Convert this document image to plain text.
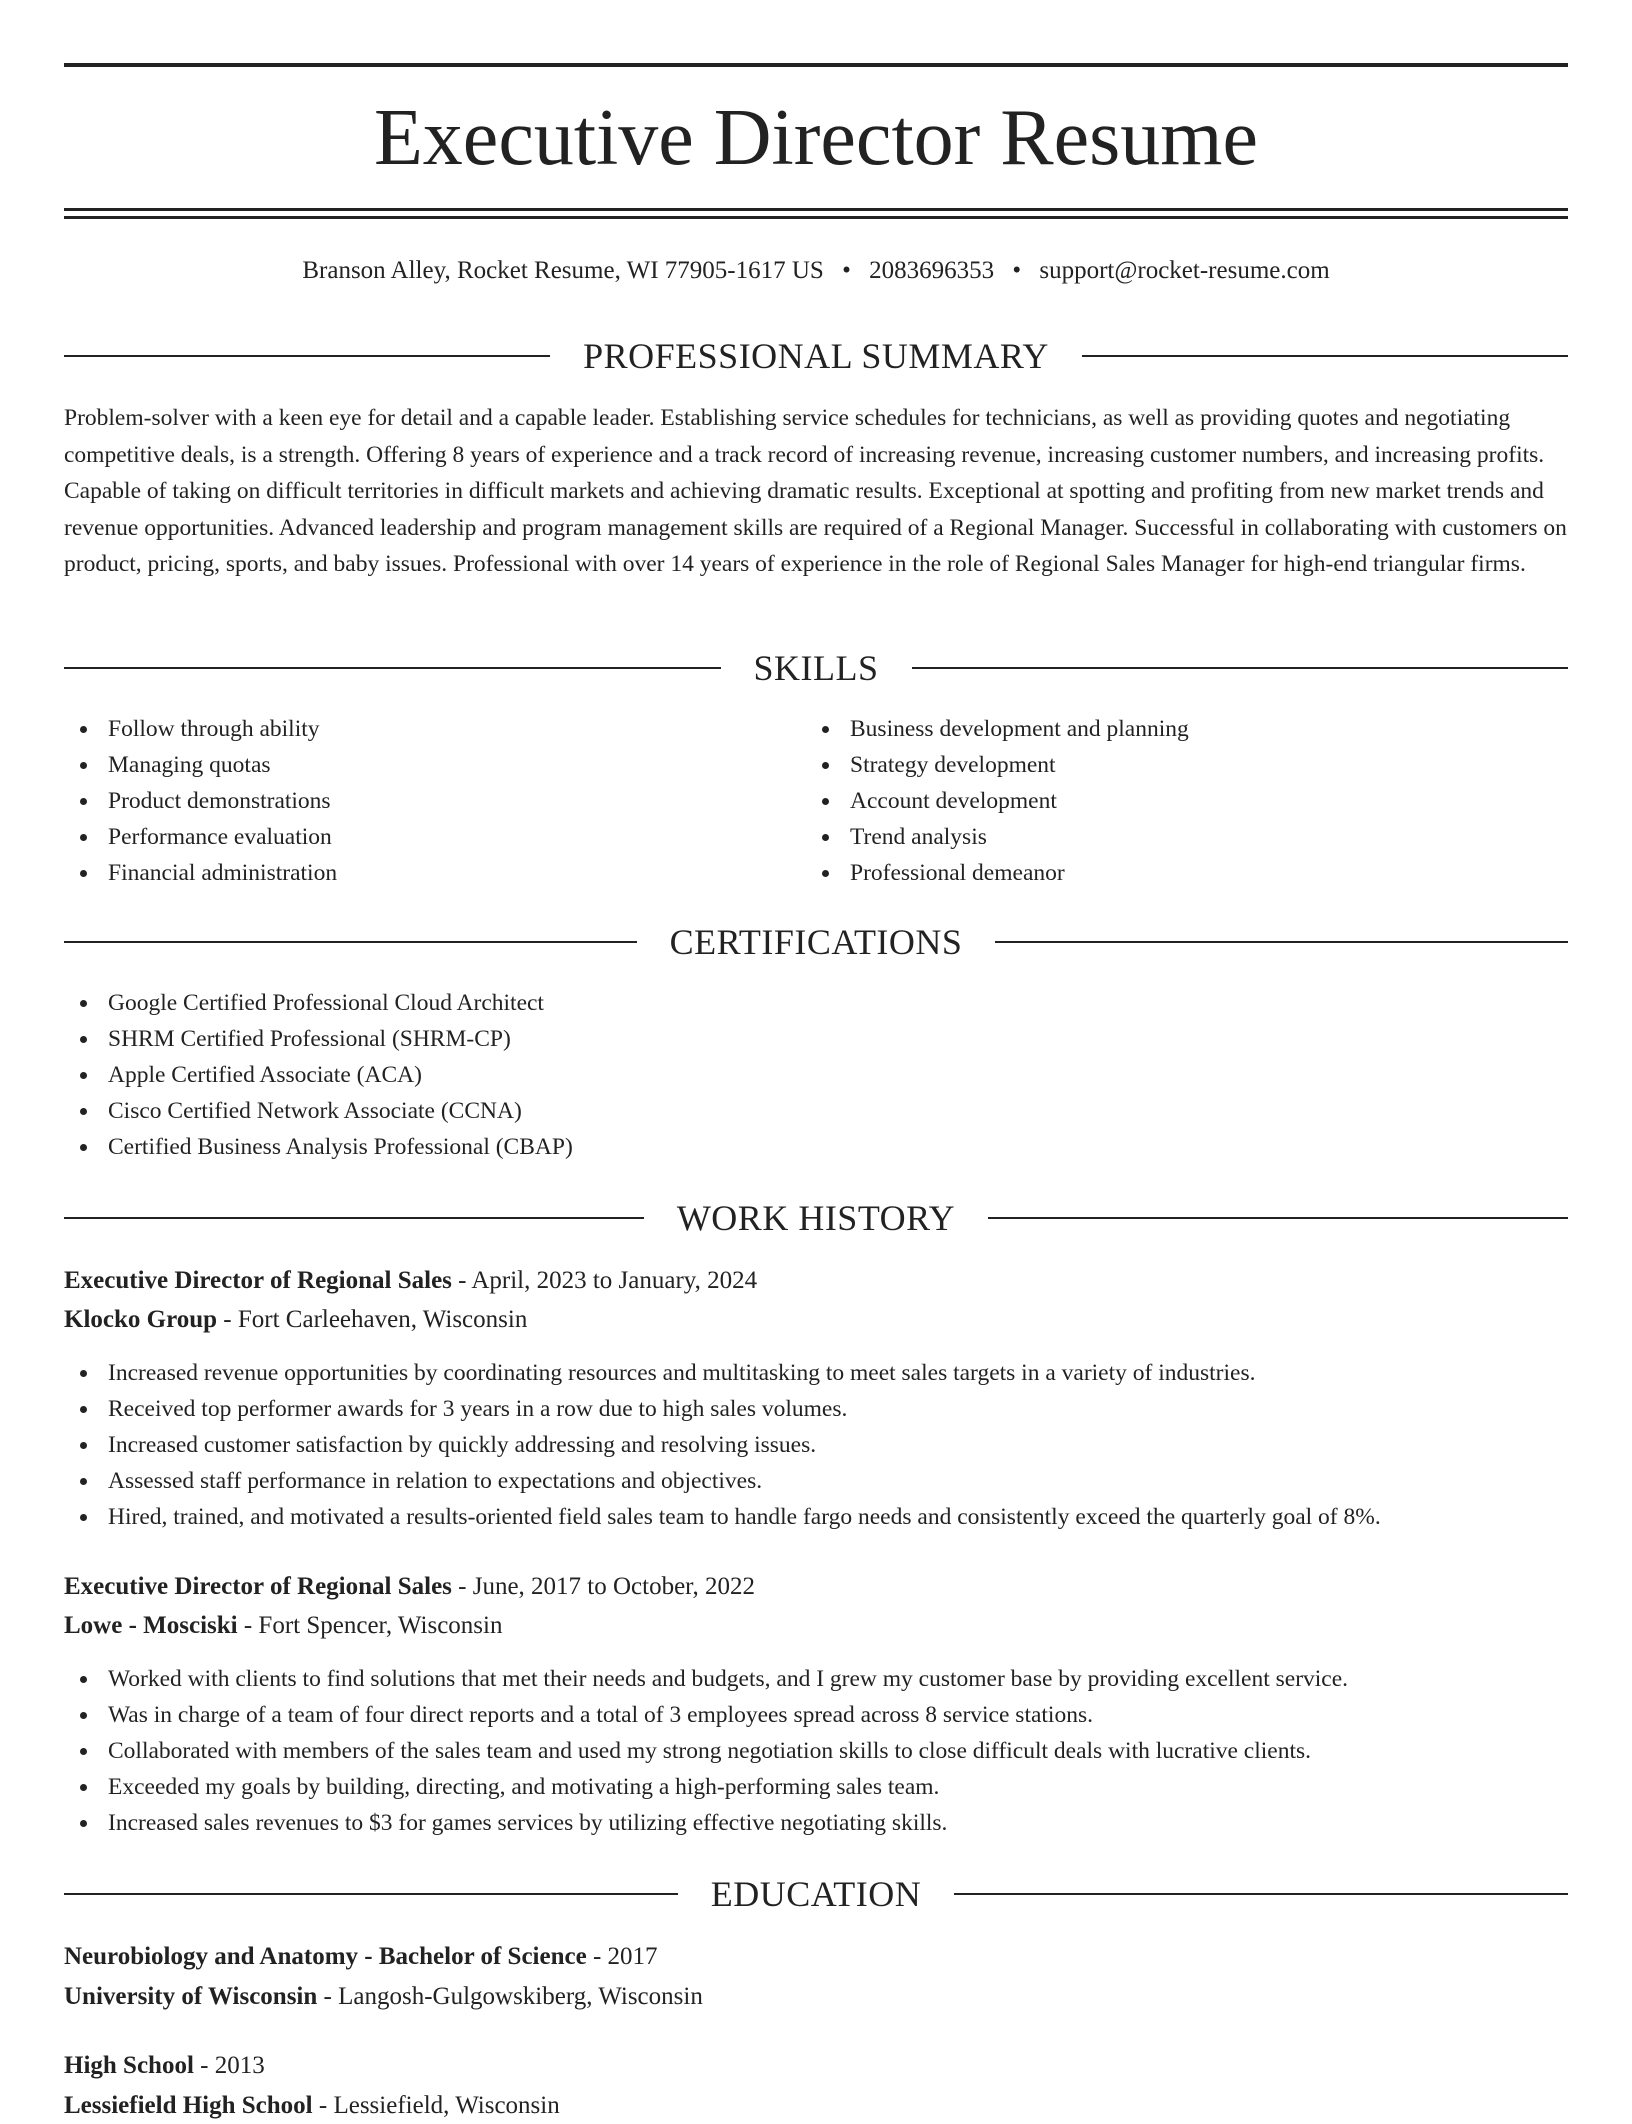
Executive Director Resume
Branson Alley, Rocket Resume, WI 77905-1617 US • 2083696353 • support@rocket-resume.com
PROFESSIONAL SUMMARY
Problem-solver with a keen eye for detail and a capable leader. Establishing service schedules for technicians, as well as providing quotes and negotiating competitive deals, is a strength. Offering 8 years of experience and a track record of increasing revenue, increasing customer numbers, and increasing profits. Capable of taking on difficult territories in difficult markets and achieving dramatic results. Exceptional at spotting and profiting from new market trends and revenue opportunities. Advanced leadership and program management skills are required of a Regional Manager. Successful in collaborating with customers on product, pricing, sports, and baby issues. Professional with over 14 years of experience in the role of Regional Sales Manager for high-end triangular firms.
SKILLS
Follow through ability
Managing quotas
Product demonstrations
Performance evaluation
Financial administration
Business development and planning
Strategy development
Account development
Trend analysis
Professional demeanor
CERTIFICATIONS
Google Certified Professional Cloud Architect
SHRM Certified Professional (SHRM-CP)
Apple Certified Associate (ACA)
Cisco Certified Network Associate (CCNA)
Certified Business Analysis Professional (CBAP)
WORK HISTORY
Executive Director of Regional Sales - April, 2023 to January, 2024
Klocko Group - Fort Carleehaven, Wisconsin
Increased revenue opportunities by coordinating resources and multitasking to meet sales targets in a variety of industries.
Received top performer awards for 3 years in a row due to high sales volumes.
Increased customer satisfaction by quickly addressing and resolving issues.
Assessed staff performance in relation to expectations and objectives.
Hired, trained, and motivated a results-oriented field sales team to handle fargo needs and consistently exceed the quarterly goal of 8%.
Executive Director of Regional Sales - June, 2017 to October, 2022
Lowe - Mosciski - Fort Spencer, Wisconsin
Worked with clients to find solutions that met their needs and budgets, and I grew my customer base by providing excellent service.
Was in charge of a team of four direct reports and a total of 3 employees spread across 8 service stations.
Collaborated with members of the sales team and used my strong negotiation skills to close difficult deals with lucrative clients.
Exceeded my goals by building, directing, and motivating a high-performing sales team.
Increased sales revenues to $3 for games services by utilizing effective negotiating skills.
EDUCATION
Neurobiology and Anatomy - Bachelor of Science - 2017
University of Wisconsin - Langosh-Gulgowskiberg, Wisconsin
High School - 2013
Lessiefield High School - Lessiefield, Wisconsin
